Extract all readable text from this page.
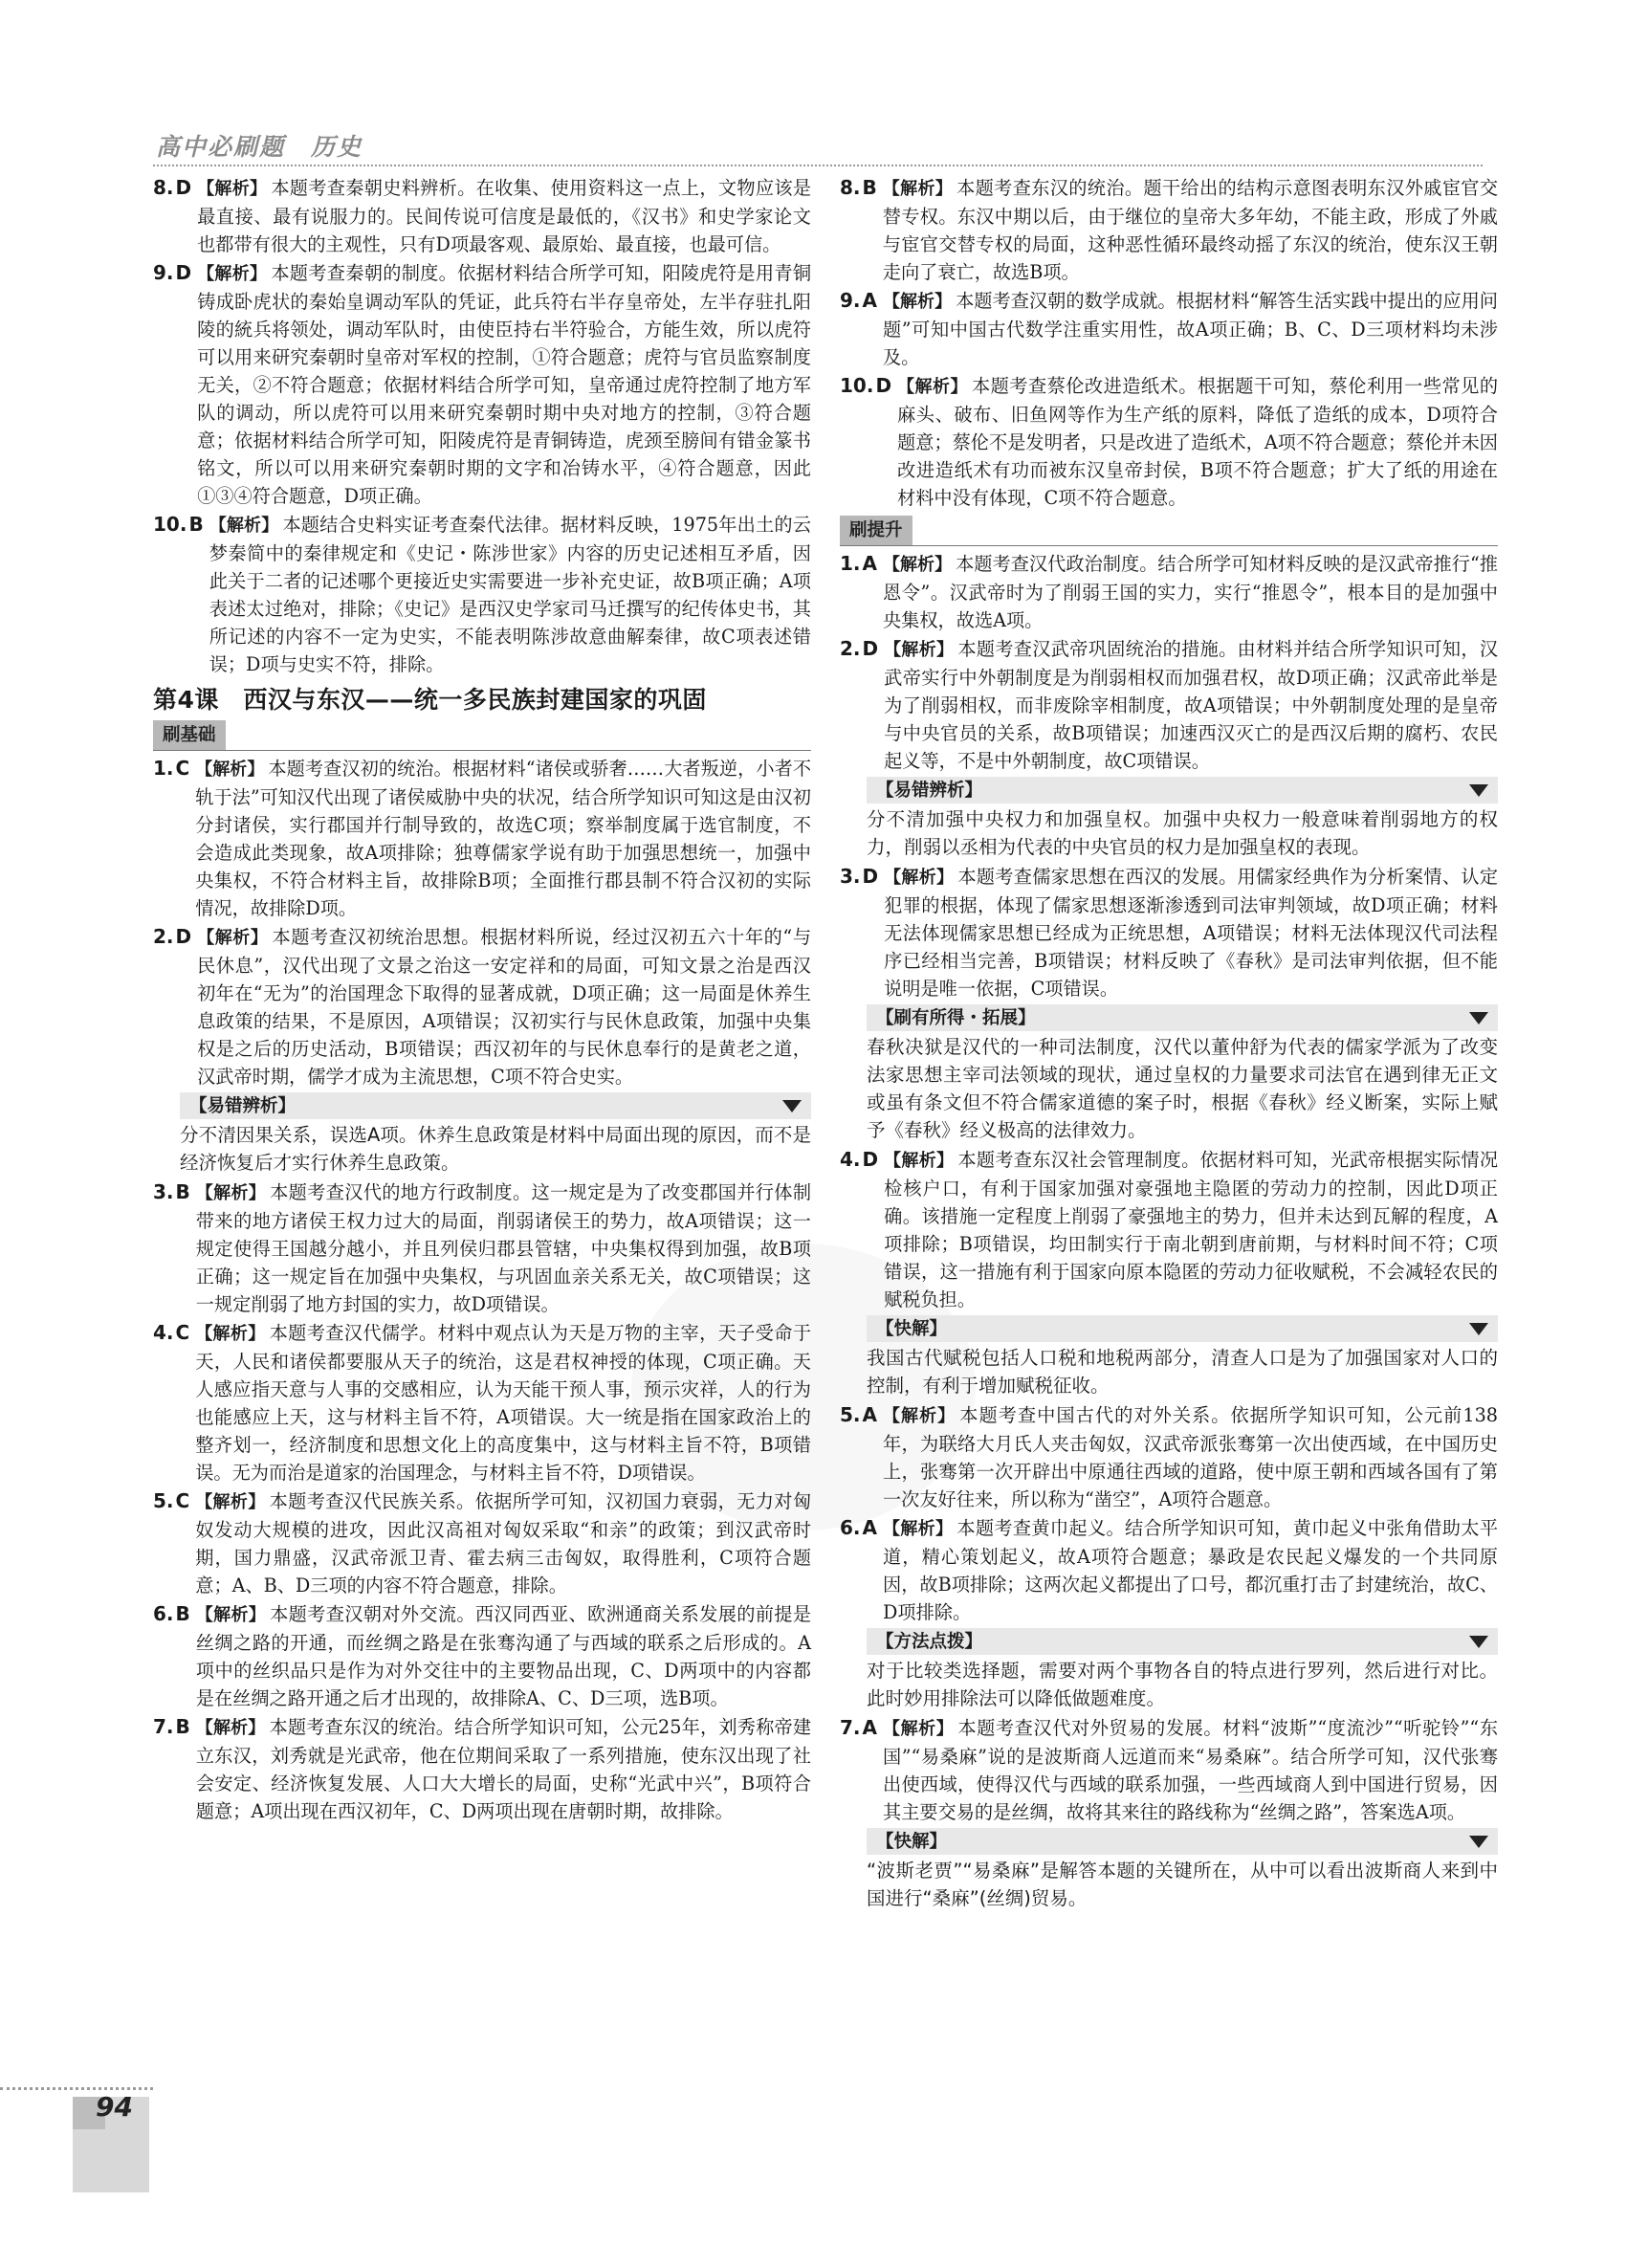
高中必刷题　历史
8. D 【解析】 本题考查秦朝史料辨析。在收集、使用资料这一点上，文物应该是最直接、最有说服力的。民间传说可信度是最低的，《汉书》和史学家论文也都带有很大的主观性，只有D项最客观、最原始、最直接，也最可信。
9. D 【解析】 本题考查秦朝的制度。依据材料结合所学可知，阳陵虎符是用青铜铸成卧虎状的秦始皇调动军队的凭证，此兵符右半存皇帝处，左半存驻扎阳陵的統兵将领处，调动军队时，由使臣持右半符验合，方能生效，所以虎符可以用来研究秦朝时皇帝对军权的控制，①符合题意；虎符与官员监察制度无关，②不符合题意；依据材料结合所学可知，皇帝通过虎符控制了地方军队的调动，所以虎符可以用来研究秦朝时期中央对地方的控制，③符合题意；依据材料结合所学可知，阳陵虎符是青铜铸造，虎颈至膀间有错金篆书铭文，所以可以用来研究秦朝时期的文字和冶铸水平，④符合题意，因此①③④符合题意，D项正确。
10. B 【解析】 本题结合史料实证考查秦代法律。据材料反映，1975年出土的云梦秦简中的秦律规定和《史记・陈涉世家》内容的历史记述相互矛盾，因此关于二者的记述哪个更接近史实需要进一步补充史证，故B项正确；A项表述太过绝对，排除；《史记》是西汉史学家司马迁撰写的纪传体史书，其所记述的内容不一定为史实，不能表明陈涉故意曲解秦律，故C项表述错误；D项与史实不符，排除。
第4课　西汉与东汉——统一多民族封建国家的巩固
刷基础
1. C 【解析】 本题考查汉初的统治。根据材料“诸侯或骄奢……大者叛逆，小者不轨于法”可知汉代出现了诸侯威胁中央的状况，结合所学知识可知这是由汉初分封诸侯，实行郡国并行制导致的，故选C项；察举制度属于选官制度，不会造成此类现象，故A项排除；独尊儒家学说有助于加强思想统一，加强中央集权，不符合材料主旨，故排除B项；全面推行郡县制不符合汉初的实际情况，故排除D项。
2. D 【解析】 本题考查汉初统治思想。根据材料所说，经过汉初五六十年的“与民休息”，汉代出现了文景之治这一安定祥和的局面，可知文景之治是西汉初年在“无为”的治国理念下取得的显著成就，D项正确；这一局面是休养生息政策的结果，不是原因，A项错误；汉初实行与民休息政策，加强中央集权是之后的历史活动，B项错误；西汉初年的与民休息奉行的是黄老之道，汉武帝时期，儒学才成为主流思想，C项不符合史实。
【易错辨析】
分不清因果关系，误选A项。休养生息政策是材料中局面出现的原因，而不是经济恢复后才实行休养生息政策。
3. B 【解析】 本题考查汉代的地方行政制度。这一规定是为了改变郡国并行体制带来的地方诸侯王权力过大的局面，削弱诸侯王的势力，故A项错误；这一规定使得王国越分越小，并且列侯归郡县管辖，中央集权得到加强，故B项正确；这一规定旨在加强中央集权，与巩固血亲关系无关，故C项错误；这一规定削弱了地方封国的实力，故D项错误。
4. C 【解析】 本题考查汉代儒学。材料中观点认为天是万物的主宰，天子受命于天，人民和诸侯都要服从天子的统治，这是君权神授的体现，C项正确。天人感应指天意与人事的交感相应，认为天能干预人事，预示灾祥，人的行为也能感应上天，这与材料主旨不符，A项错误。大一统是指在国家政治上的整齐划一，经济制度和思想文化上的高度集中，这与材料主旨不符，B项错误。无为而治是道家的治国理念，与材料主旨不符，D项错误。
5. C 【解析】 本题考查汉代民族关系。依据所学可知，汉初国力衰弱，无力对匈奴发动大规模的进攻，因此汉高祖对匈奴采取“和亲”的政策；到汉武帝时期，国力鼎盛，汉武帝派卫青、霍去病三击匈奴，取得胜利，C项符合题意；A、B、D三项的内容不符合题意，排除。
6. B 【解析】 本题考查汉朝对外交流。西汉同西亚、欧洲通商关系发展的前提是丝绸之路的开通，而丝绸之路是在张骞沟通了与西域的联系之后形成的。A项中的丝织品只是作为对外交往中的主要物品出现，C、D两项中的内容都是在丝绸之路开通之后才出现的，故排除A、C、D三项，选B项。
7. B 【解析】 本题考查东汉的统治。结合所学知识可知，公元25年，刘秀称帝建立东汉，刘秀就是光武帝，他在位期间采取了一系列措施，使东汉出现了社会安定、经济恢复发展、人口大大增长的局面，史称“光武中兴”，B项符合题意；A项出现在西汉初年，C、D两项出现在唐朝时期，故排除。
8. B 【解析】 本题考查东汉的统治。题干给出的结构示意图表明东汉外戚宦官交替专权。东汉中期以后，由于继位的皇帝大多年幼，不能主政，形成了外戚与宦官交替专权的局面，这种恶性循环最终动摇了东汉的统治，使东汉王朝走向了衰亡，故选B项。
9. A 【解析】 本题考查汉朝的数学成就。根据材料“解答生活实践中提出的应用问题”可知中国古代数学注重实用性，故A项正确；B、C、D三项材料均未涉及。
10. D 【解析】 本题考查蔡伦改进造纸术。根据题干可知，蔡伦利用一些常见的麻头、破布、旧鱼网等作为生产纸的原料，降低了造纸的成本，D项符合题意；蔡伦不是发明者，只是改进了造纸术，A项不符合题意；蔡伦并未因改进造纸术有功而被东汉皇帝封侯，B项不符合题意；扩大了纸的用途在材料中没有体现，C项不符合题意。
刷提升
1. A 【解析】 本题考查汉代政治制度。结合所学可知材料反映的是汉武帝推行“推恩令”。汉武帝时为了削弱王国的实力，实行“推恩令”，根本目的是加强中央集权，故选A项。
2. D 【解析】 本题考查汉武帝巩固统治的措施。由材料并结合所学知识可知，汉武帝实行中外朝制度是为削弱相权而加强君权，故D项正确；汉武帝此举是为了削弱相权，而非废除宰相制度，故A项错误；中外朝制度处理的是皇帝与中央官员的关系，故B项错误；加速西汉灭亡的是西汉后期的腐朽、农民起义等，不是中外朝制度，故C项错误。
【易错辨析】
分不清加强中央权力和加强皇权。加强中央权力一般意味着削弱地方的权力，削弱以丞相为代表的中央官员的权力是加强皇权的表现。
3. D 【解析】 本题考查儒家思想在西汉的发展。用儒家经典作为分析案情、认定犯罪的根据，体现了儒家思想逐渐渗透到司法审判领域，故D项正确；材料无法体现儒家思想已经成为正统思想，A项错误；材料无法体现汉代司法程序已经相当完善，B项错误；材料反映了《春秋》是司法审判依据，但不能说明是唯一依据，C项错误。
【刷有所得・拓展】
春秋决狱是汉代的一种司法制度，汉代以董仲舒为代表的儒家学派为了改变法家思想主宰司法领域的现状，通过皇权的力量要求司法官在遇到律无正文或虽有条文但不符合儒家道德的案子时，根据《春秋》经义断案，实际上赋予《春秋》经义极高的法律效力。
4. D 【解析】 本题考查东汉社会管理制度。依据材料可知，光武帝根据实际情况检核户口，有利于国家加强对豪强地主隐匿的劳动力的控制，因此D项正确。该措施一定程度上削弱了豪强地主的势力，但并未达到瓦解的程度，A项排除；B项错误，均田制实行于南北朝到唐前期，与材料时间不符；C项错误，这一措施有利于国家向原本隐匿的劳动力征收赋税，不会减轻农民的赋税负担。
【快解】
我国古代赋税包括人口税和地税两部分，清查人口是为了加强国家对人口的控制，有利于增加赋税征收。
5. A 【解析】 本题考查中国古代的对外关系。依据所学知识可知，公元前138年，为联络大月氏人夹击匈奴，汉武帝派张骞第一次出使西域，在中国历史上，张骞第一次开辟出中原通往西域的道路，使中原王朝和西域各国有了第一次友好往来，所以称为“凿空”，A项符合题意。
6. A 【解析】 本题考查黄巾起义。结合所学知识可知，黄巾起义中张角借助太平道，精心策划起义，故A项符合题意；暴政是农民起义爆发的一个共同原因，故B项排除；这两次起义都提出了口号，都沉重打击了封建统治，故C、D项排除。
【方法点拨】
对于比较类选择题，需要对两个事物各自的特点进行罗列，然后进行对比。此时妙用排除法可以降低做题难度。
7. A 【解析】 本题考查汉代对外贸易的发展。材料“波斯”“度流沙”“听驼铃”“东国”“易桑麻”说的是波斯商人远道而来“易桑麻”。结合所学可知，汉代张骞出使西域，使得汉代与西域的联系加强，一些西域商人到中国进行贸易，因其主要交易的是丝绸，故将其来往的路线称为“丝绸之路”，答案选A项。
【快解】
“波斯老贾”“易桑麻”是解答本题的关键所在，从中可以看出波斯商人来到中国进行“桑麻”(丝绸)贸易。
94
